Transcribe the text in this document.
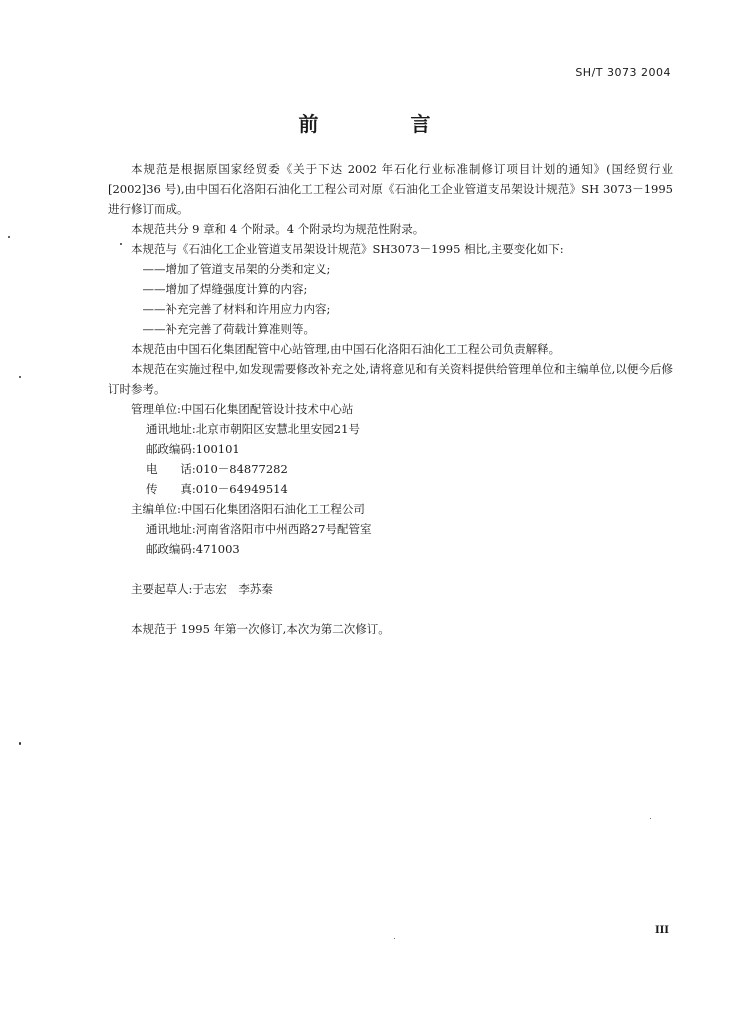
SH/T 3073 2004
前	言

本规范是根据原国家经贸委《关于下达 2002 年石化行业标准制修订项目计划的通知》(国经贸行业[2002]36 号),由中国石化洛阳石油化工工程公司对原《石油化工企业管道支吊架设计规范》SH 3073－1995 进行修订而成。

本规范共分 9 章和 4 个附录。4 个附录均为规范性附录。

本规范与《石油化工企业管道支吊架设计规范》SH3073－1995 相比,主要变化如下:

——增加了管道支吊架的分类和定义;

——增加了焊缝强度计算的内容;

——补充完善了材料和许用应力内容;

——补充完善了荷载计算准则等。

本规范由中国石化集团配管中心站管理,由中国石化洛阳石油化工工程公司负责解释。

本规范在实施过程中,如发现需要修改补充之处,请将意见和有关资料提供给管理单位和主编单位,以便今后修订时参考。

管理单位:中国石化集团配管设计技术中心站

通讯地址:北京市朝阳区安慧北里安园21号

邮政编码:100101

电　　话:010－84877282

传　　真:010－64949514

主编单位:中国石化集团洛阳石油化工工程公司

通讯地址:河南省洛阳市中州西路27号配管室

邮政编码:471003

主要起草人:于志宏　李苏秦

本规范于 1995 年第一次修订,本次为第二次修订。

III
